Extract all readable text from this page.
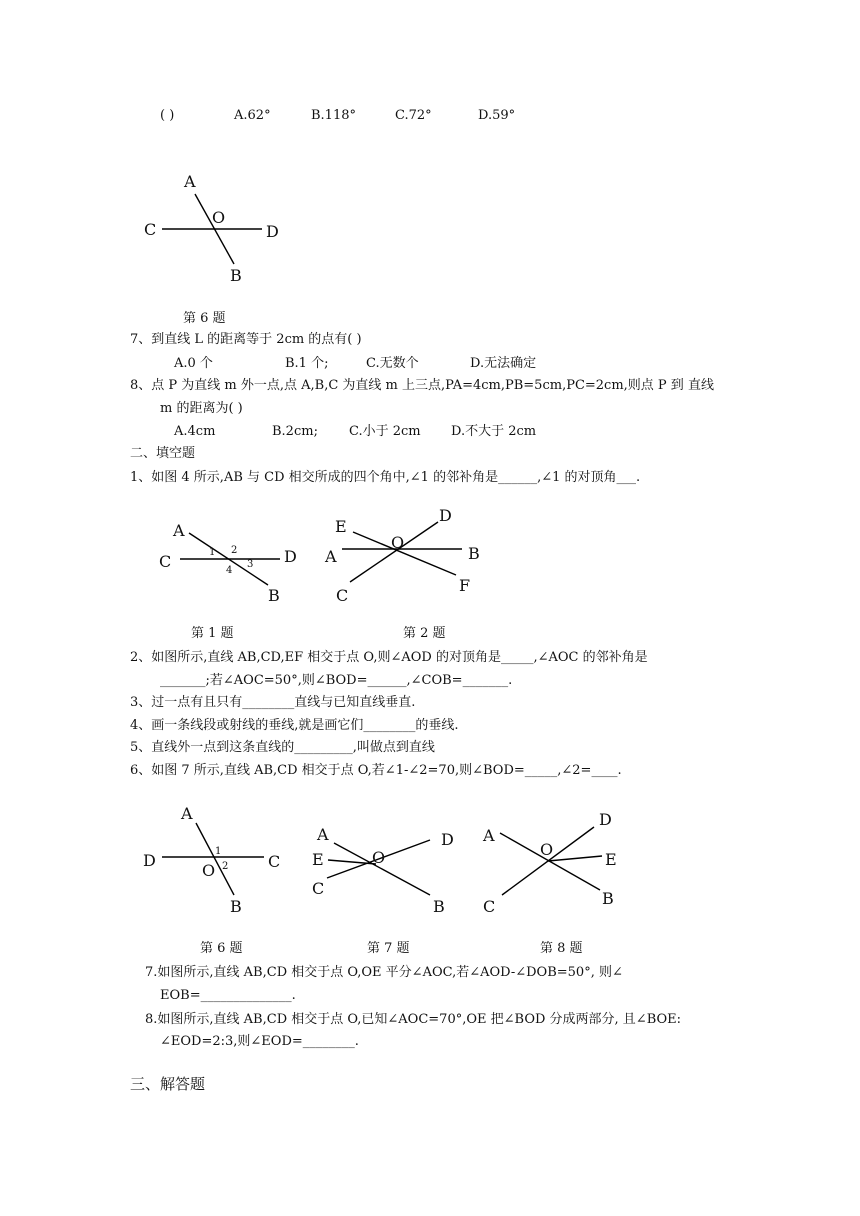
( )	A.62°	B.118°	C.72°	D.59°
A
O
C	D
B
第 6 题
7、到直线 L 的距离等于 2cm 的点有( )
A.0 个	B.1 个;	C.无数个	D.无法确定
8、点 P 为直线 m 外一点,点 A,B,C 为直线 m 上三点,PA=4cm,PB=5cm,PC=2cm,则点 P 到 直线
m 的距离为( )
A.4cm	B.2cm; C.小于 2cm D.不大于 2cm
二、填空题
1、如图 4 所示,AB 与 CD 相交所成的四个角中,∠1 的邻补角是______,∠1 的对顶角___.
A
C	D
B
1 2
3
4
第 1 题
E
D
A
O
B
C
F
第 2 题
2、如图所示,直线 AB,CD,EF 相交于点 O,则∠AOD 的对顶角是_____,∠AOC 的邻补角是
_______;若∠AOC=50°,则∠BOD=______,∠COB=_______.
3、过一点有且只有________直线与已知直线垂直.
4、画一条线段或射线的垂线,就是画它们________的垂线.
5、直线外一点到这条直线的_________,叫做点到直线
6、如图 7 所示,直线 AB,CD 相交于点 O,若∠1-∠2=70,则∠BOD=_____,∠2=____.
A
D	C
O
B
1
2
第 6 题
A	D
E	O
C
B
第 7 题
A
D
O
E
C	B
第 8 题
7.如图所示,直线 AB,CD 相交于点 O,OE 平分∠AOC,若∠AOD-∠DOB=50°, 则∠
EOB=______________.
8.如图所示,直线 AB,CD 相交于点 O,已知∠AOC=70°,OE 把∠BOD 分成两部分, 且∠BOE:
∠EOD=2:3,则∠EOD=________.
三、解答题
